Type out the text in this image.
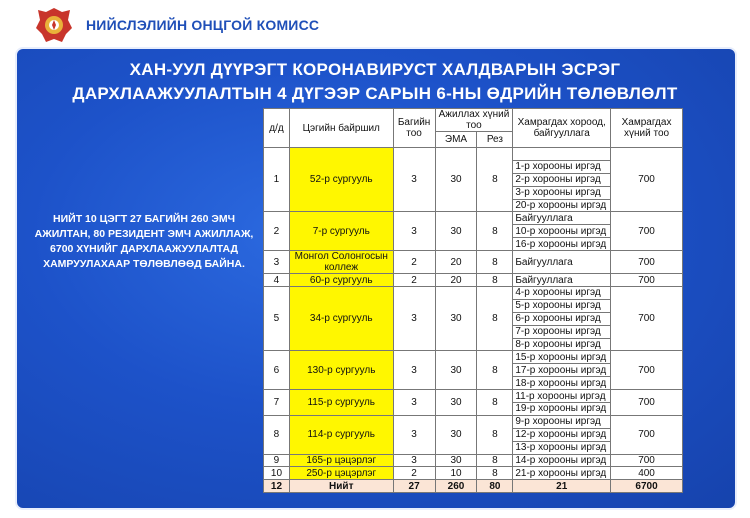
НИЙСЛЭЛИЙН ОНЦГОЙ КОМИСС
ХАН-УУЛ ДҮҮРЭГТ КОРОНАВИРУСТ ХАЛДВАРЫН ЭСРЭГ
ДАРХЛААЖУУЛАЛТЫН 4 ДҮГЭЭР САРЫН 6-НЫ ӨДРИЙН ТӨЛӨВЛӨЛТ
НИЙТ 10 ЦЭГТ 27 БАГИЙН 260 ЭМЧ АЖИЛТАН, 80 РЕЗИДЕНТ ЭМЧ АЖИЛЛАЖ, 6700 ХҮНИЙГ ДАРХЛААЖУУЛАЛТАД ХАМРУУЛАХААР ТӨЛӨВЛӨӨД БАЙНА.
д/д	Цэгийн байршил	Багийн тоо	Ажиллах хүний тоо		Хамрагдах хороод, байгууллага	Хамрагдах хүний тоо
			ЭМА	Рез		
1	52-р сургууль	3	30	8		700
					1-р хорооны иргэд	
					2-р хорооны иргэд	
					3-р хорооны иргэд	
					20-р хорооны иргэд	
2	7-р сургууль	3	30	8	Байгууллага	700
					10-р хорооны иргэд	
					16-р хорооны иргэд	
3	Монгол Солонгосын коллеж	2	20	8	Байгууллага	700
4	60-р сургууль	2	20	8	Байгууллага	700
5	34-р сургууль	3	30	8	4-р хорооны иргэд	700
					5-р хорооны иргэд	
					6-р хорооны иргэд	
					7-р хорооны иргэд	
					8-р хорооны иргэд	
6	130-р сургууль	3	30	8	15-р хорооны иргэд	700
					17-р хорооны иргэд	
					18-р хорооны иргэд	
7	115-р сургууль	3	30	8	11-р хорооны иргэд	700
					19-р хорооны иргэд	
8	114-р сургууль	3	30	8	9-р хорооны иргэд	700
					12-р хорооны иргэд	
					13-р хорооны иргэд	
9	165-р цэцэрлэг	3	30	8	14-р хорооны иргэд	700
10	250-р цэцэрлэг	2	10	8	21-р хорооны иргэд	400
12	Нийт	27	260	80	21	6700
